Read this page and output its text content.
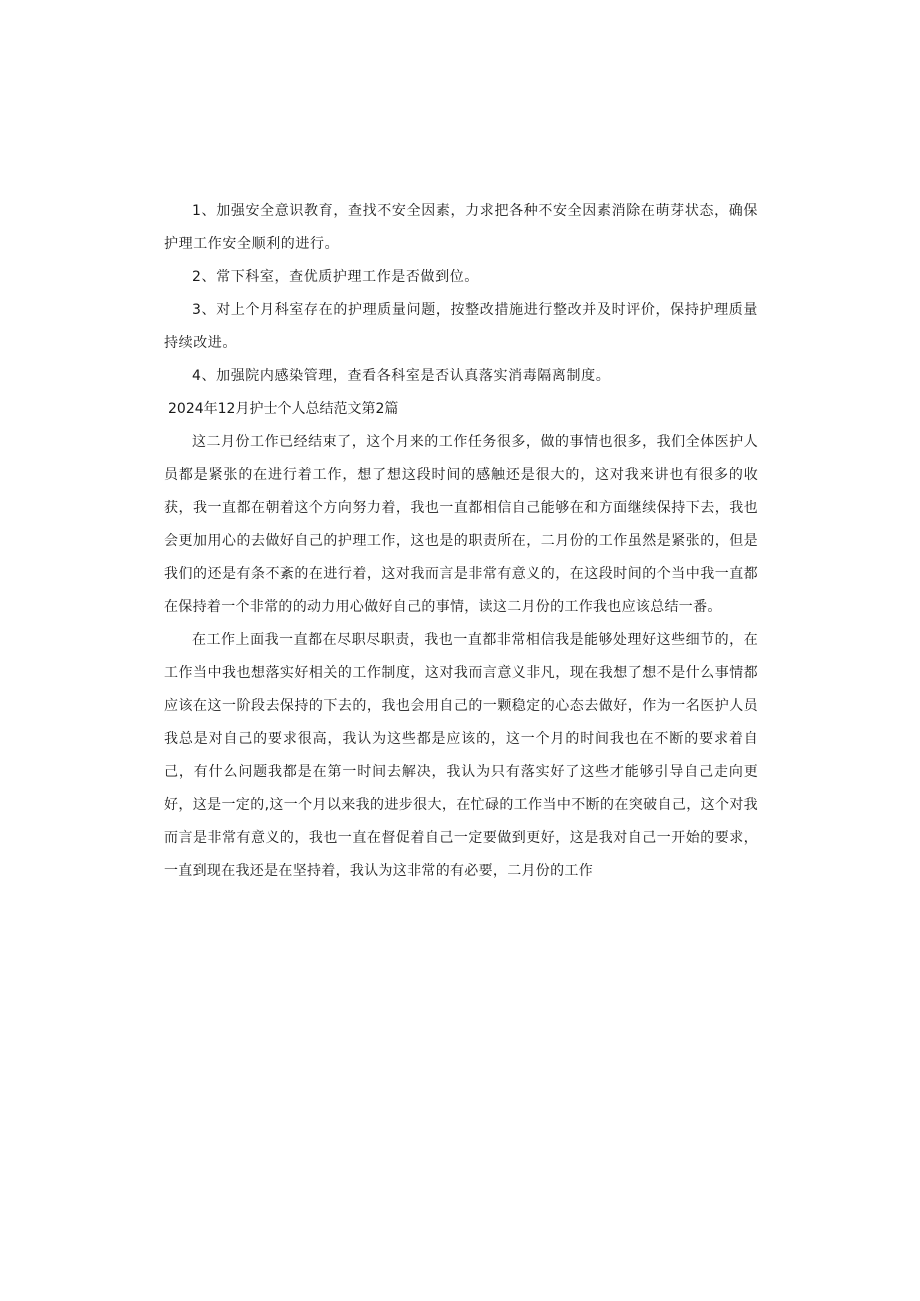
1、加强安全意识教育，查找不安全因素，力求把各种不安全因素消除在萌芽状态，确保护理工作安全顺利的进行。

2、常下科室，查优质护理工作是否做到位。

3、对上个月科室存在的护理质量问题，按整改措施进行整改并及时评价，保持护理质量持续改进。

4、加强院内感染管理，查看各科室是否认真落实消毒隔离制度。

2024年12月护士个人总结范文第2篇

这二月份工作已经结束了，这个月来的工作任务很多，做的事情也很多，我们全体医护人员都是紧张的在进行着工作，想了想这段时间的感触还是很大的，这对我来讲也有很多的收获，我一直都在朝着这个方向努力着，我也一直都相信自己能够在和方面继续保持下去，我也会更加用心的去做好自己的护理工作，这也是的职责所在，二月份的工作虽然是紧张的，但是我们的还是有条不紊的在进行着，这对我而言是非常有意义的，在这段时间的个当中我一直都在保持着一个非常的的动力用心做好自己的事情，读这二月份的工作我也应该总结一番。

在工作上面我一直都在尽职尽职责，我也一直都非常相信我是能够处理好这些细节的，在工作当中我也想落实好相关的工作制度，这对我而言意义非凡，现在我想了想不是什么事情都应该在这一阶段去保持的下去的，我也会用自己的一颗稳定的心态去做好，作为一名医护人员我总是对自己的要求很高，我认为这些都是应该的，这一个月的时间我也在不断的要求着自己，有什么问题我都是在第一时间去解决，我认为只有落实好了这些才能够引导自己走向更好，这是一定的,这一个月以来我的进步很大，在忙碌的工作当中不断的在突破自己，这个对我而言是非常有意义的，我也一直在督促着自己一定要做到更好，这是我对自己一开始的要求，一直到现在我还是在坚持着，我认为这非常的有必要，二月份的工作
